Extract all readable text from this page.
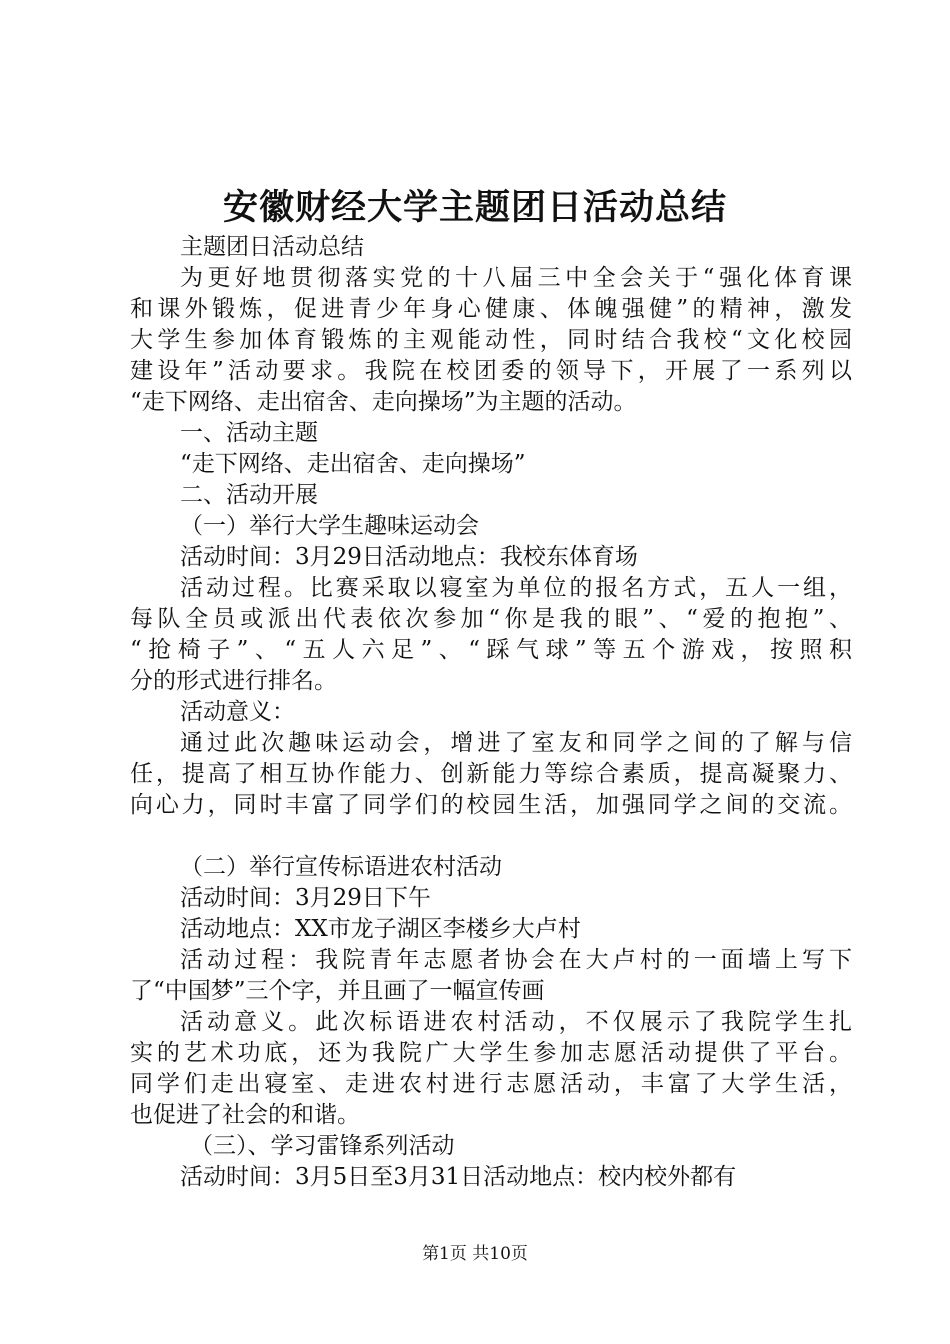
安徽财经大学主题团日活动总结
主题团日活动总结
为更好地贯彻落实党的十八届三中全会关于“强化体育课
和课外锻炼，促进青少年身心健康、体魄强健”的精神，激发
大学生参加体育锻炼的主观能动性，同时结合我校“文化校园
建设年”活动要求。我院在校团委的领导下，开展了一系列以
“走下网络、走出宿舍、走向操场”为主题的活动。
一、活动主题
“走下网络、走出宿舍、走向操场”
二、活动开展
（一）举行大学生趣味运动会
活动时间：3月29日活动地点：我校东体育场
活动过程。比赛采取以寝室为单位的报名方式，五人一组，
每队全员或派出代表依次参加“你是我的眼”、“爱的抱抱”、
“抢椅子”、“五人六足”、“踩气球”等五个游戏，按照积
分的形式进行排名。
活动意义：
通过此次趣味运动会，增进了室友和同学之间的了解与信
任，提高了相互协作能力、创新能力等综合素质，提高凝聚力、
向心力，同时丰富了同学们的校园生活，加强同学之间的交流。
（二）举行宣传标语进农村活动
活动时间：3月29日下午
活动地点：XX市龙子湖区李楼乡大卢村
活动过程：我院青年志愿者协会在大卢村的一面墙上写下
了“中国梦”三个字，并且画了一幅宣传画
活动意义。此次标语进农村活动，不仅展示了我院学生扎
实的艺术功底，还为我院广大学生参加志愿活动提供了平台。
同学们走出寝室、走进农村进行志愿活动，丰富了大学生活，
也促进了社会的和谐。
（三）、学习雷锋系列活动
活动时间：3月5日至3月31日活动地点：校内校外都有
第1页 共10页
